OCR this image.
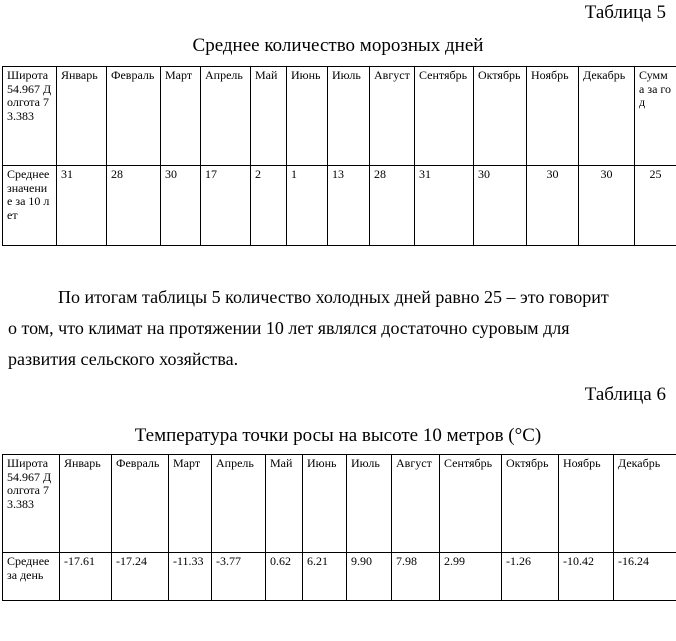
Таблица 5
Среднее количество морозных дней
Широта 54.967 Долгота 73.383	Январь	Февраль	Март	Апрель	Май	Июнь	Июль	Август	Сентябрь	Октябрь	Ноябрь	Декабрь	Сумма за год
Среднее значение за 10 лет	31	28	30	17	2	1	13	28	31	30	30	30	25

По итогам таблицы 5 количество холодных дней равно 25 – это говорит

о том, что климат на протяжении 10 лет являлся достаточно суровым для

развития сельского хозяйства.

Таблица 6
Температура точки росы на высоте 10 метров (°С)
Широта 54.967 Долгота 73.383	Январь	Февраль	Март	Апрель	Май	Июнь	Июль	Август	Сентябрь	Октябрь	Ноябрь	Декабрь
Среднее за день	-17.61	-17.24	-11.33	-3.77	0.62	6.21	9.90	7.98	2.99	-1.26	-10.42	-16.24
